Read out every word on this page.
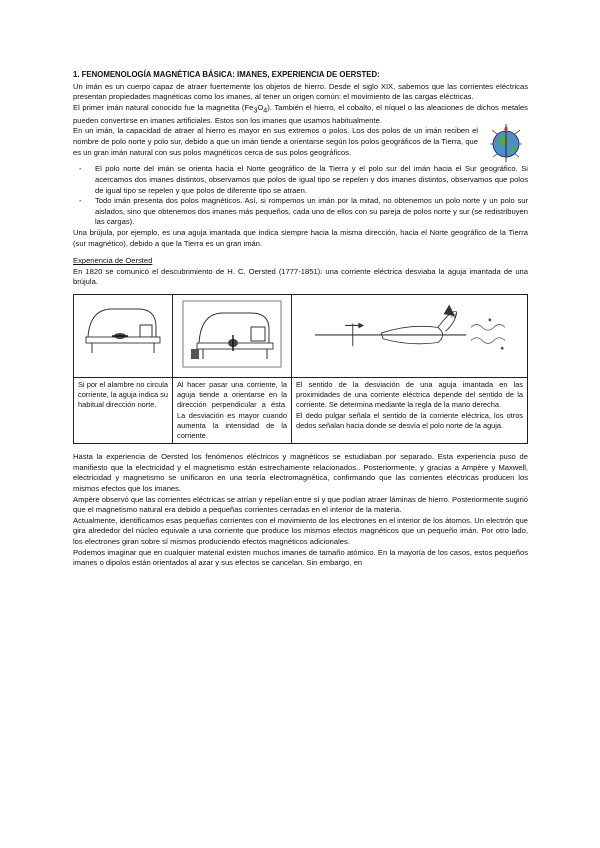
1. FENOMENOLOGÍA MAGNÉTICA BÁSICA: IMANES, EXPERIENCIA DE OERSTED:

Un imán es un cuerpo capaz de atraer fuertemente los objetos de hierro. Desde el siglo XIX, sabemos que las corrientes eléctricas presentan propiedades magnéticas como los imanes, al tener un origen común: el movimiento de las cargas eléctricas.

El primer imán natural conocido fue la magnetita $(Fe_3O_4)$. También el hierro, el cobalto, el níquel o las aleaciones de dichos metales pueden convertirse en imanes artificiales. Estos son los imanes que usamos habitualmente.

En un imán, la capacidad de atraer al hierro es mayor en sus extremos o polos. Los dos polos de un imán reciben el nombre de polo norte y polo sur, debido a que un imán tiende a orientarse según los polos geográficos de la Tierra, que es un gran imán natural con sus polos magnéticos cerca de sus polos geográficos.

- El polo norte del imán se orienta hacia el Norte geográfico de la Tierra y el polo sur del imán hacia el Sur geográfico. Si acercamos dos imanes distintos, observamos que polos de igual tipo se repelen y dos imanes distintos, observamos que polos de igual tipo se repelen y que polos de diferente tipo se atraen.
- Todo imán presenta dos polos magnéticos. Así, si rompemos un imán por la mitad, no obtenemos un polo norte y un polo sur aislados, sino que obtenemos dos imanes más pequeños, cada uno de ellos con su pareja de polos norte y sur (se redistribuyen las cargas).

Una brújula, por ejemplo, es una aguja imantada que indica siempre hacia la misma dirección, hacia el Norte geográfico de la Tierra (sur magnético), debido a que la Tierra es un gran imán.

Experiencia de Oersted

En 1820 se comunicó el descubrimiento de H. C. Oersted (1777-1851): una corriente eléctrica desviaba la aguja imantada de una brújula.

N

Si por el alambre no circula corriente, la aguja indica su habitual dirección norte.	Al hacer pasar una corriente, la aguja tiende a orientarse en la dirección perpendicular a ésta. La desviación es mayor cuando aumenta la intensidad de la corriente.	El sentido de la desviación de una aguja imantada en las proximidades de una corriente eléctrica depende del sentido de la corriente. Se determina mediante la regla de la mano derecha.

El dedo pulgar señala el sentido de la corriente eléctrica, los otros dedos señalan hacia donde se desvía el polo norte de la aguja.

Hasta la experiencia de Oersted los fenómenos eléctricos y magnéticos se estudiaban por separado. Esta experiencia puso de manifiesto que la electricidad y el magnetismo están estrechamente relacionados.. Posteriormente, y gracias a Ampère y Maxwell, electricidad y magnetismo se unificaron en una teoría electromagnética, confirmando que las corrientes eléctricas producen los mismos efectos que los imanes.

Ampère observó que las corrientes eléctricas se atrían y repelían entre sí y que podían atraer láminas de hierro. Posteriormente sugirió que el magnetismo natural era debido a pequeñas corrientes cerradas en el interior de la materia.

Actualmente, identificamos esas pequeñas corrientes con el movimiento de los electrones en el interior de los átomos. Un electrón que gira alrededor del núcleo equivale a una corriente que produce los mismos efectos magnéticos que un pequeño imán. Por otro lado, los electrones giran sobre sí mismos produciendo efectos magnéticos adicionales.

Podemos imaginar que en cualquier material existen muchos imanes de tamaño atómico. En la mayoría de los casos, estos pequeños imanes o dipolos están orientados al azar y sus efectos se cancelan. Sin embargo, en
